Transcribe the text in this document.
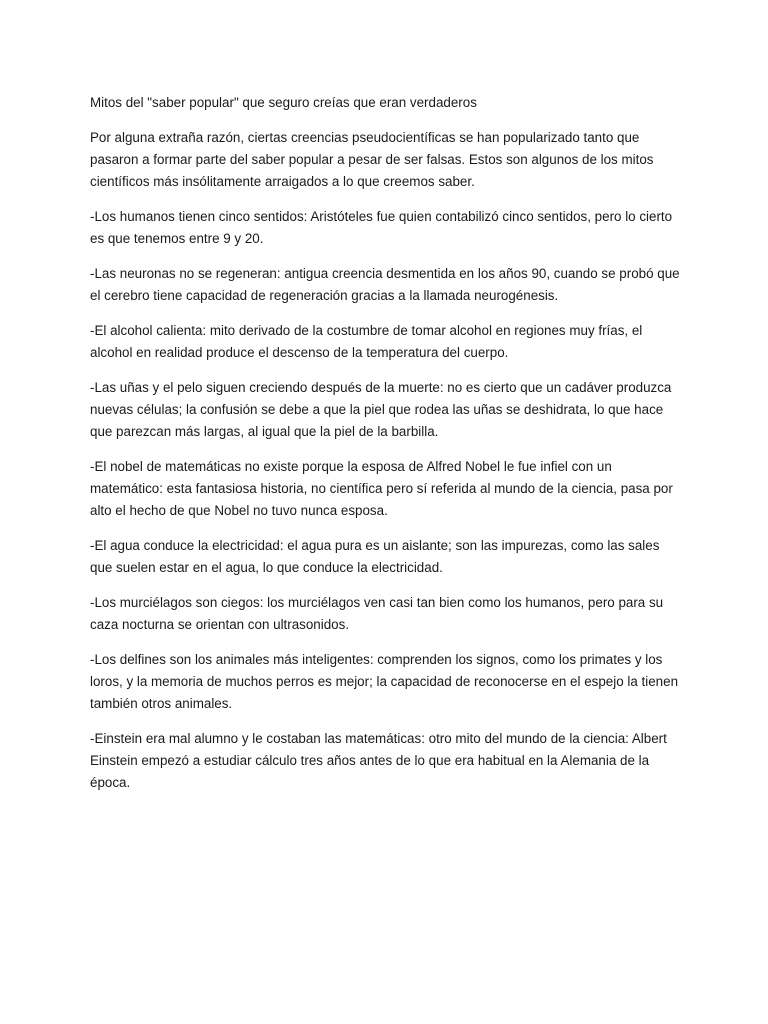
Mitos del "saber popular" que seguro creías que eran verdaderos

Por alguna extraña razón, ciertas creencias pseudocientíficas se han popularizado tanto que pasaron a formar parte del saber popular a pesar de ser falsas. Estos son algunos de los mitos científicos más insólitamente arraigados a lo que creemos saber.

-Los humanos tienen cinco sentidos: Aristóteles fue quien contabilizó cinco sentidos, pero lo cierto es que tenemos entre 9 y 20.

-Las neuronas no se regeneran: antigua creencia desmentida en los años 90, cuando se probó que el cerebro tiene capacidad de regeneración gracias a la llamada neurogénesis.

-El alcohol calienta: mito derivado de la costumbre de tomar alcohol en regiones muy frías, el alcohol en realidad produce el descenso de la temperatura del cuerpo.

-Las uñas y el pelo siguen creciendo después de la muerte: no es cierto que un cadáver produzca nuevas células; la confusión se debe a que la piel que rodea las uñas se deshidrata, lo que hace que parezcan más largas, al igual que la piel de la barbilla.

-El nobel de matemáticas no existe porque la esposa de Alfred Nobel le fue infiel con un matemático: esta fantasiosa historia, no científica pero sí referida al mundo de la ciencia, pasa por alto el hecho de que Nobel no tuvo nunca esposa.

-El agua conduce la electricidad: el agua pura es un aislante; son las impurezas, como las sales que suelen estar en el agua, lo que conduce la electricidad.

-Los murciélagos son ciegos: los murciélagos ven casi tan bien como los humanos, pero para su caza nocturna se orientan con ultrasonidos.

-Los delfines son los animales más inteligentes: comprenden los signos, como los primates y los loros, y la memoria de muchos perros es mejor; la capacidad de reconocerse en el espejo la tienen también otros animales.

-Einstein era mal alumno y le costaban las matemáticas: otro mito del mundo de la ciencia: Albert Einstein empezó a estudiar cálculo tres años antes de lo que era habitual en la Alemania de la época.
